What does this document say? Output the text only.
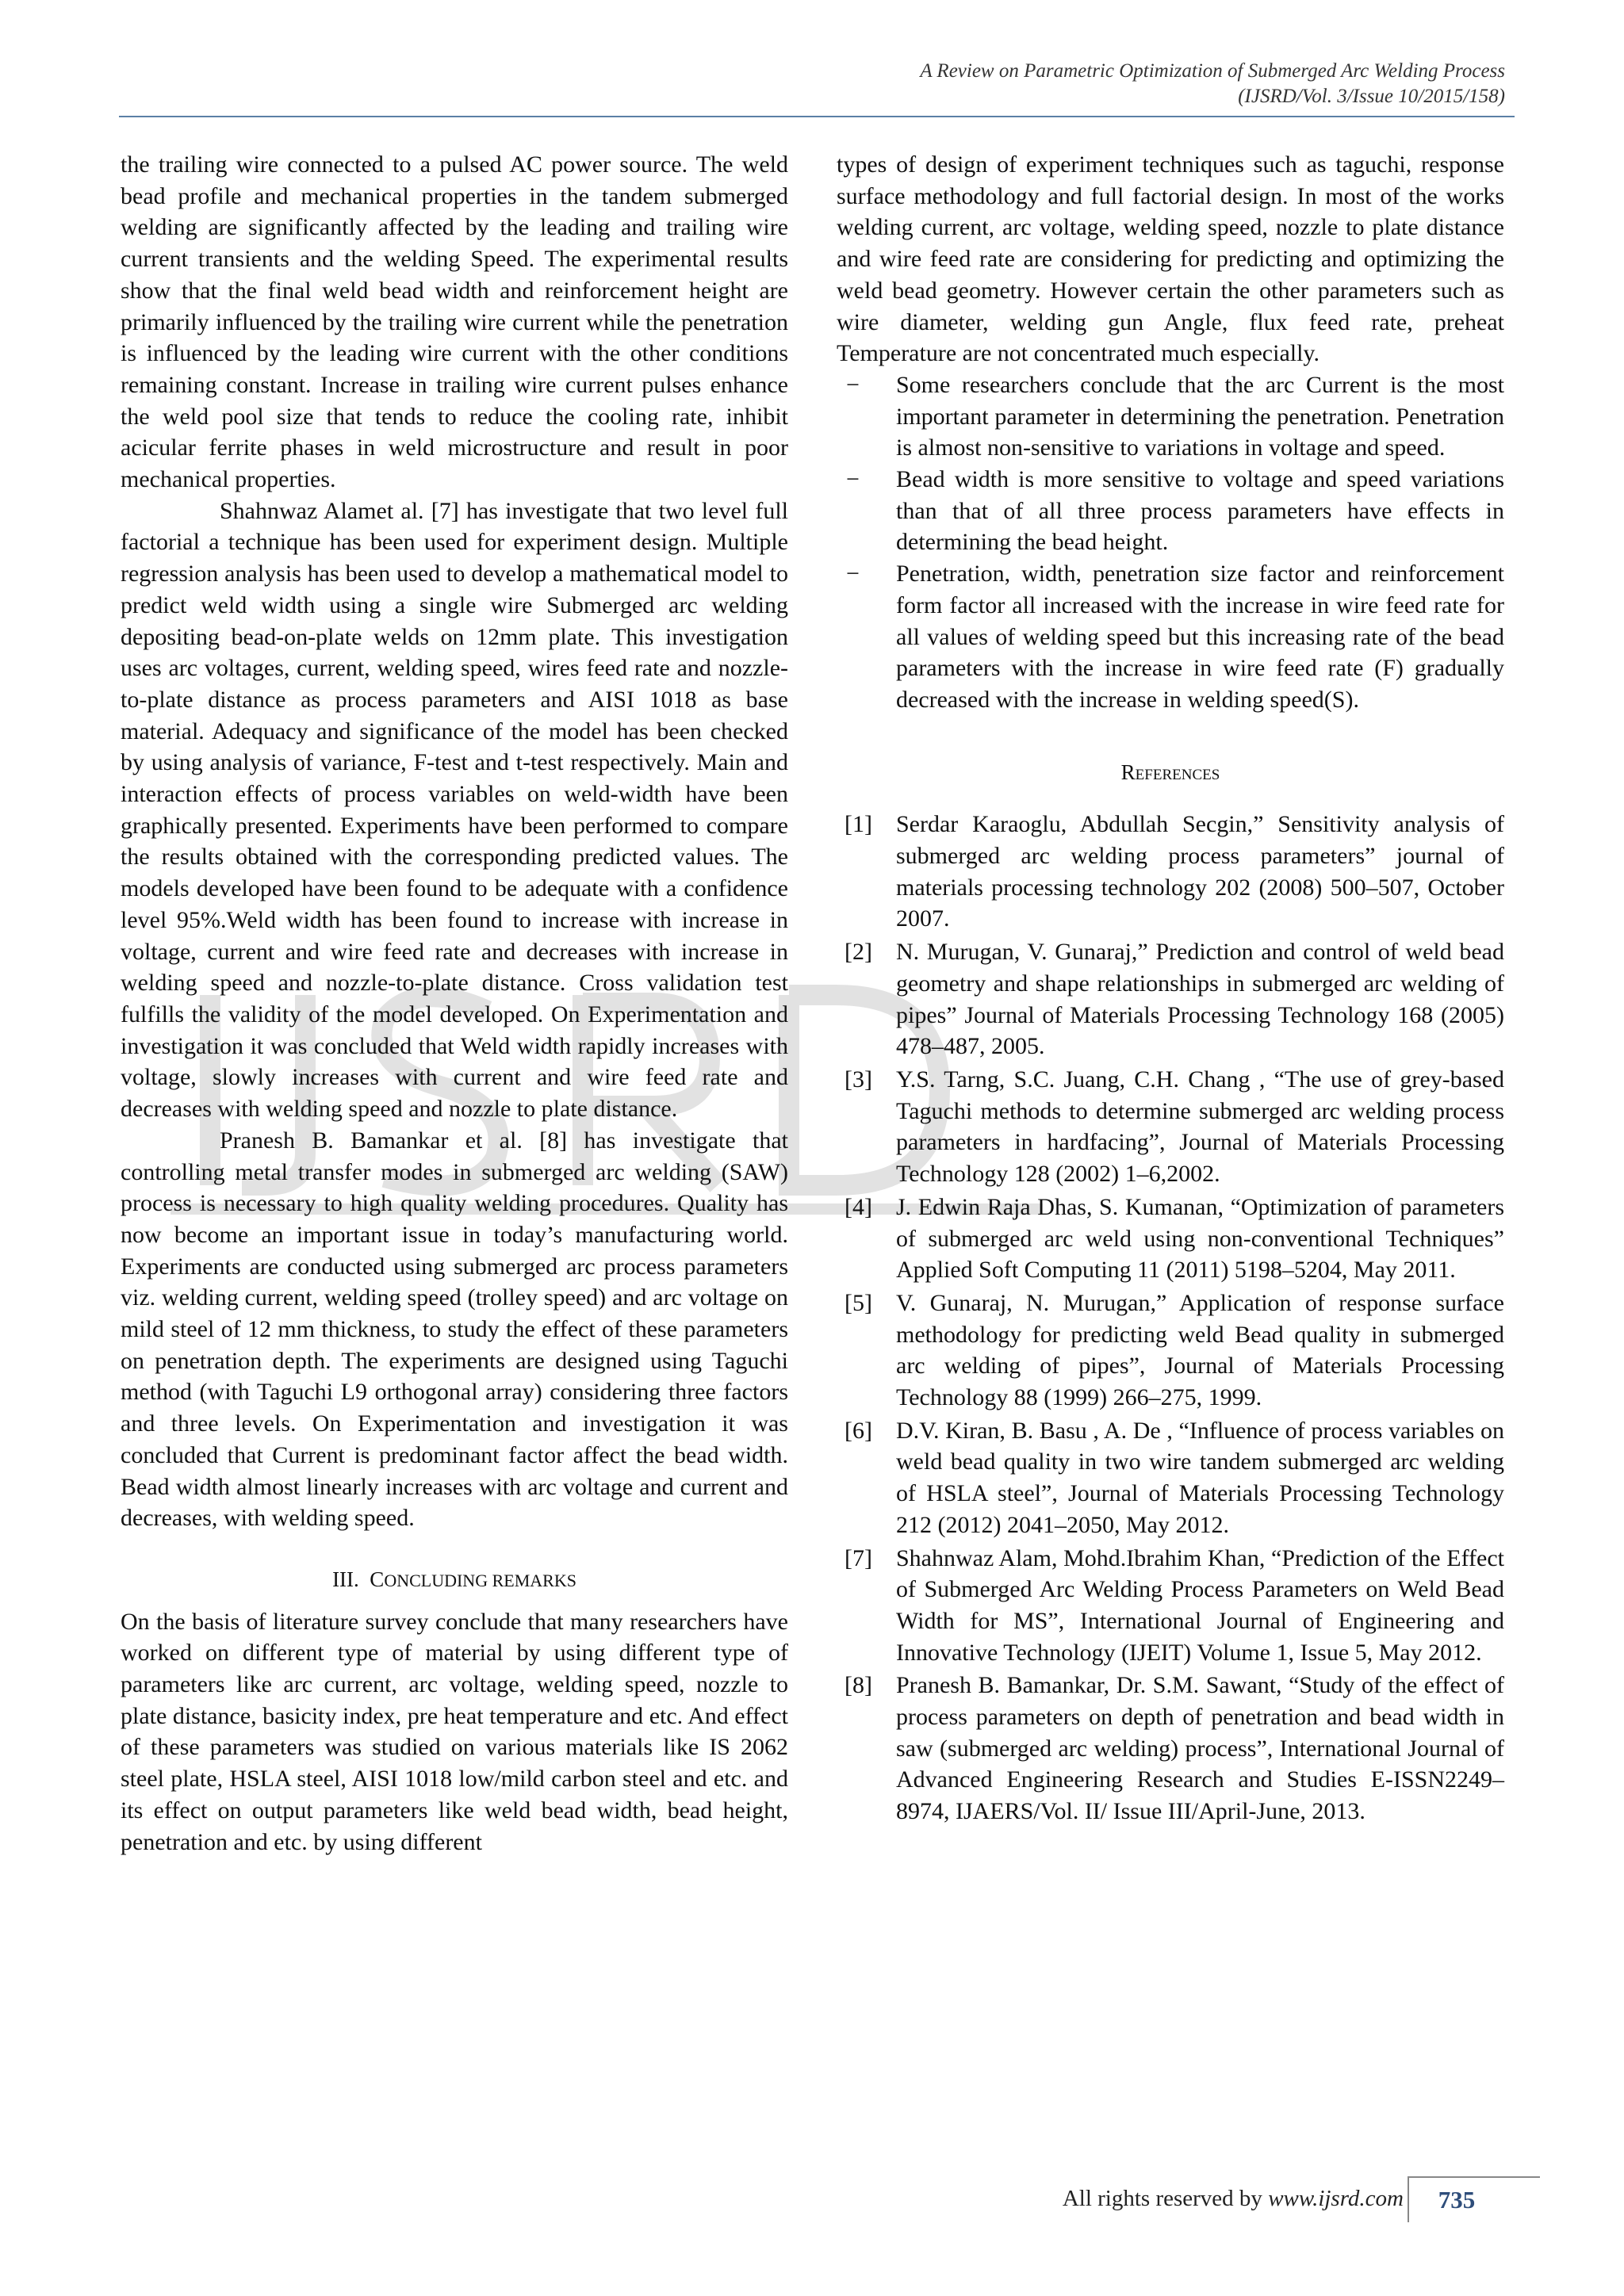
A Review on Parametric Optimization of Submerged Arc Welding Process
(IJSRD/Vol. 3/Issue 10/2015/158)

the trailing wire connected to a pulsed AC power source. The weld bead profile and mechanical properties in the tandem submerged welding are significantly affected by the leading and trailing wire current transients and the welding Speed. The experimental results show that the final weld bead width and reinforcement height are primarily influenced by the trailing wire current while the penetration is influenced by the leading wire current with the other conditions remaining constant. Increase in trailing wire current pulses enhance the weld pool size that tends to reduce the cooling rate, inhibit acicular ferrite phases in weld microstructure and result in poor mechanical properties.

Shahnwaz Alamet al. [7] has investigate that two level full factorial a technique has been used for experiment design. Multiple regression analysis has been used to develop a mathematical model to predict weld width using a single wire Submerged arc welding depositing bead-on-plate welds on 12mm plate. This investigation uses arc voltages, current, welding speed, wires feed rate and nozzle-to-plate distance as process parameters and AISI 1018 as base material. Adequacy and significance of the model has been checked by using analysis of variance, F-test and t-test respectively. Main and interaction effects of process variables on weld-width have been graphically presented. Experiments have been performed to compare the results obtained with the corresponding predicted values. The models developed have been found to be adequate with a confidence level 95%.Weld width has been found to increase with increase in voltage, current and wire feed rate and decreases with increase in welding speed and nozzle-to-plate distance. Cross validation test fulfills the validity of the model developed. On Experimentation and investigation it was concluded that Weld width rapidly increases with voltage, slowly increases with current and wire feed rate and decreases with welding speed and nozzle to plate distance.

Pranesh B. Bamankar et al. [8] has investigate that controlling metal transfer modes in submerged arc welding (SAW) process is necessary to high quality welding procedures. Quality has now become an important issue in today’s manufacturing world. Experiments are conducted using submerged arc process parameters viz. welding current, welding speed (trolley speed) and arc voltage on mild steel of 12 mm thickness, to study the effect of these parameters on penetration depth. The experiments are designed using Taguchi method (with Taguchi L9 orthogonal array) considering three factors and three levels. On Experimentation and investigation it was concluded that Current is predominant factor affect the bead width. Bead width almost linearly increases with arc voltage and current and decreases, with welding speed.

III. CONCLUDING REMARKS

On the basis of literature survey conclude that many researchers have worked on different type of material by using different type of parameters like arc current, arc voltage, welding speed, nozzle to plate distance, basicity index, pre heat temperature and etc. And effect of these parameters was studied on various materials like IS 2062 steel plate, HSLA steel, AISI 1018 low/mild carbon steel and etc. and its effect on output parameters like weld bead width, bead height, penetration and etc. by using different

types of design of experiment techniques such as taguchi, response surface methodology and full factorial design. In most of the works welding current, arc voltage, welding speed, nozzle to plate distance and wire feed rate are considering for predicting and optimizing the weld bead geometry. However certain the other parameters such as wire diameter, welding gun Angle, flux feed rate, preheat Temperature are not concentrated much especially.

− Some researchers conclude that the arc Current is the most important parameter in determining the penetration. Penetration is almost non-sensitive to variations in voltage and speed.
− Bead width is more sensitive to voltage and speed variations than that of all three process parameters have effects in determining the bead height.
− Penetration, width, penetration size factor and reinforcement form factor all increased with the increase in wire feed rate for all values of welding speed but this increasing rate of the bead parameters with the increase in wire feed rate (F) gradually decreased with the increase in welding speed(S).
References
[1] Serdar Karaoglu, Abdullah Secgin,” Sensitivity analysis of submerged arc welding process parameters” journal of materials processing technology 202 (2008) 500–507, October 2007.
[2] N. Murugan, V. Gunaraj,” Prediction and control of weld bead geometry and shape relationships in submerged arc welding of pipes” Journal of Materials Processing Technology 168 (2005) 478–487, 2005.
[3] Y.S. Tarng, S.C. Juang, C.H. Chang , “The use of grey-based Taguchi methods to determine submerged arc welding process parameters in hardfacing”, Journal of Materials Processing Technology 128 (2002) 1–6,2002.
[4] J. Edwin Raja Dhas, S. Kumanan, “Optimization of parameters of submerged arc weld using non-conventional Techniques” Applied Soft Computing 11 (2011) 5198–5204, May 2011.
[5] V. Gunaraj, N. Murugan,” Application of response surface methodology for predicting weld Bead quality in submerged arc welding of pipes”, Journal of Materials Processing Technology 88 (1999) 266–275, 1999.
[6] D.V. Kiran, B. Basu , A. De , “Influence of process variables on weld bead quality in two wire tandem submerged arc welding of HSLA steel”, Journal of Materials Processing Technology 212 (2012) 2041–2050, May 2012.
[7] Shahnwaz Alam, Mohd.Ibrahim Khan, “Prediction of the Effect of Submerged Arc Welding Process Parameters on Weld Bead Width for MS”, International Journal of Engineering and Innovative Technology (IJEIT) Volume 1, Issue 5, May 2012.
[8] Pranesh B. Bamankar, Dr. S.M. Sawant, “Study of the effect of process parameters on depth of penetration and bead width in saw (submerged arc welding) process”, International Journal of Advanced Engineering Research and Studies E-ISSN2249–8974, IJAERS/Vol. II/ Issue III/April-June, 2013.
All rights reserved by www.ijsrd.com	735
